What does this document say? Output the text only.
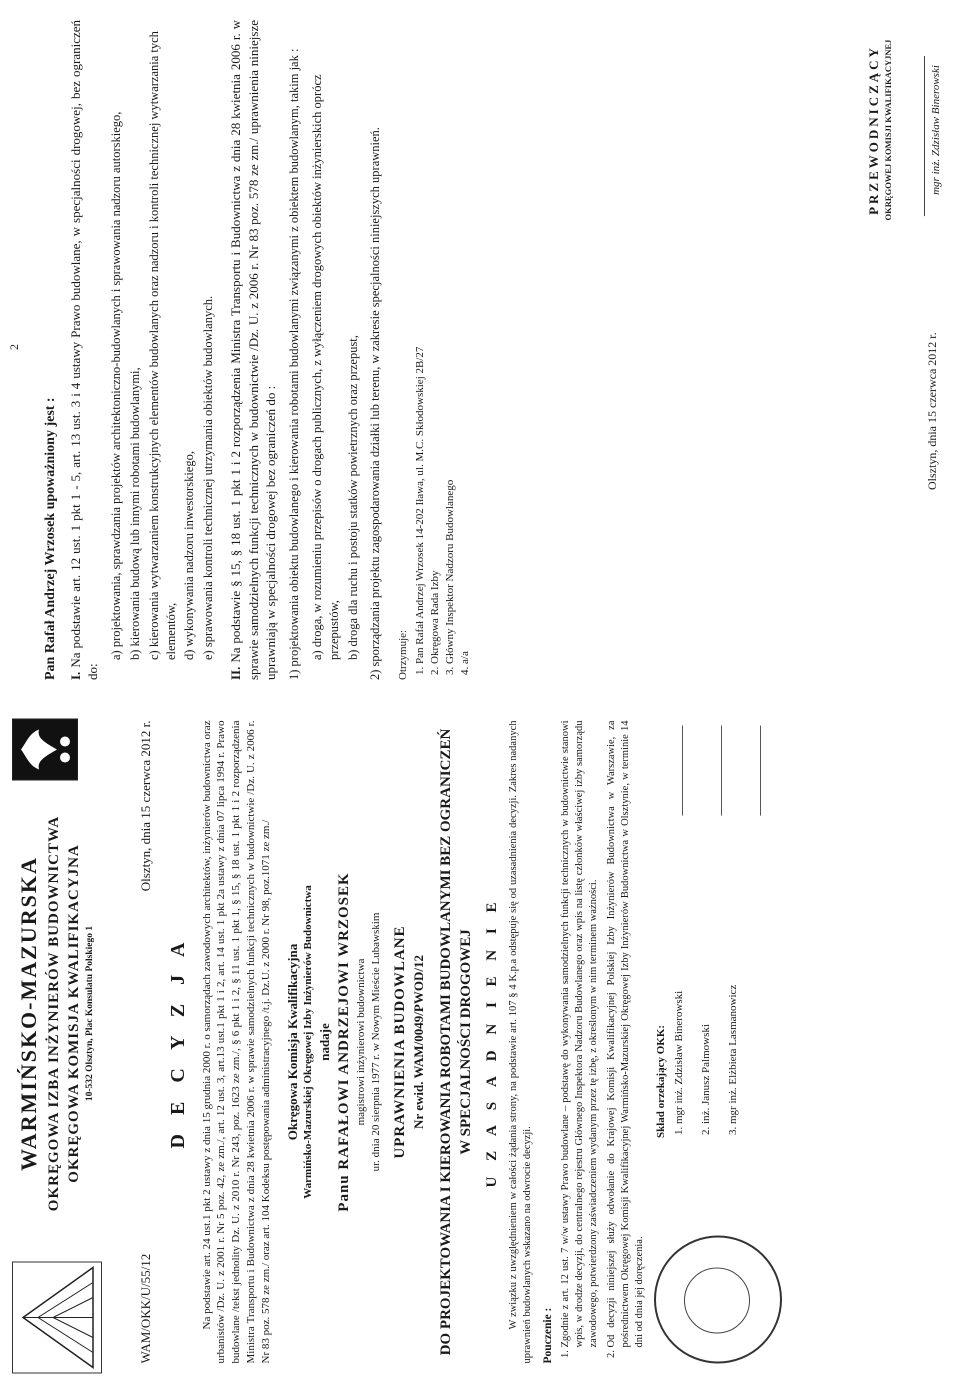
2
Pan Rafał Andrzej Wrzosek upoważniony jest : I. Na podstawie art. 12 ust. 1 pkt 1 - 5, art. 13 ust. 3 i 4 ustawy Prawo budowlane, w specjalności drogowej, bez ograniczeń do:
a) projektowania, sprawdzania projektów architektoniczno-budowlanych i sprawowania nadzoru autorskiego, b) kierowania budową lub innymi robotami budowlanymi, c) kierowania wytwarzaniem konstrukcyjnych elementów budowlanych oraz nadzoru i kontroli technicznej wytwarzania tych elementów, d) wykonywania nadzoru inwestorskiego, e) sprawowania kontroli technicznej utrzymania obiektów budowlanych.
II. Na podstawie § 15, § 18 ust. 1 pkt 1 i 2 rozporządzenia Ministra Transportu i Budownictwa z dnia 28 kwietnia 2006 r. w sprawie samodzielnych funkcji technicznych w budownictwie /Dz. U. z 2006 r. Nr 83 poz. 578 ze zm./ uprawnienia niniejsze uprawniają w specjalności drogowej bez ograniczeń do : 1) projektowania obiektu budowlanego i kierowania robotami budowlanymi związanymi z obiektem budowlanym, takim jak : a) droga, w rozumieniu przepisów o drogach publicznych, z wyłączeniem drogowych obiektów inżynierskich oprócz przepustów, b) droga dla ruchu i postoju statków powietrznych oraz przepust, 2) sporządzania projektu zagospodarowania działki lub terenu, w zakresie specjalności niniejszych uprawnień. Otrzymuje: 1. Pan Rafał Andrzej Wrzosek 14-202 Iława, ul. M.C. Skłodowskiej 2B/27 2. Okręgowa Rada Izby 3. Główny Inspektor Nadzoru Budowlanego 4. a/a
Olsztyn, dnia 15 czerwca 2012 r.
PRZEWODNICZĄCY OKRĘGOWEJ KOMISJI KWALIFIKACYJNEJ	mgr inż. Zdzisław Binerowski
WARMIŃSKO-MAZURSKA OKRĘGOWA IZBA INŻYNIERÓW BUDOWNICTWA OKRĘGOWA KOMISJA KWALIFIKACYJNA 10-532 Olsztyn, Plac Konsulatu Polskiego 1
WAM/OKK/U/55/12
Olsztyn, dnia 15 czerwca 2012 r.
D E C Y Z J A Na podstawie art. 24 ust.1 pkt 2 ustawy z dnia 15 grudnia 2000 r. o samorządach zawodowych architektów, inżynierów budownictwa oraz urbanistów /Dz. U. z 2001 r. Nr 5 poz. 42, ze zm./, art. 12 ust. 3, art.13 ust.1 pkt 1 i 2, art. 14 ust. 1 pkt 2a ustawy z dnia 07 lipca 1994 r. Prawo budowlane /tekst jednolity Dz. U. z 2010 r. Nr 243, poz. 1623 ze zm./, § 6 pkt 1 i 2, § 11 ust. 1 pkt 1, § 15, § 18 ust. 1 pkt 1 i 2 rozporządzenia Ministra Transportu i Budownictwa z dnia 28 kwietnia 2006 r. w sprawie samodzielnych funkcji technicznych w budownictwie /Dz. U. z 2006 r. Nr 83 poz. 578 ze zm./ oraz art. 104 Kodeksu postępowania administracyjnego /t.j. Dz.U. z 2000 r. Nr 98, poz.1071 ze zm./ Okręgowa Komisja Kwalifikacyjna Warmińsko-Mazurskiej Okręgowej Izby Inżynierów Budownictwa nadaje Panu RAFAŁOWI ANDRZEJOWI WRZOSEK magistrowi inżynierowi budownictwa ur. dnia 20 sierpnia 1977 r. w Nowym Mieście Lubawskim UPRAWNIENIA BUDOWLANE Nr ewid. WAM/0049/PWOD/12 DO PROJEKTOWANIA I KIEROWANIA ROBOTAMI BUDOWLANYMI BEZ OGRANICZEŃ W SPECJALNOŚCI DROGOWEJ U Z A S A D N I E N I E W związku z uwzględnieniem w całości żądania strony, na podstawie art. 107 § 4 K.p.a odstępuje się od uzasadnienia decyzji. Zakres nadanych uprawnień budowlanych wskazano na odwrocie decyzji. Pouczenie : 1. Zgodnie z art. 12 ust. 7 w/w ustawy Prawo budowlane – podstawę do wykonywania samodzielnych funkcji technicznych w budownictwie stanowi wpis, w drodze decyzji, do centralnego rejestru Głównego Inspektora Nadzoru Budowlanego oraz wpis na listę członków właściwej izby samorządu zawodowego, potwierdzony zaświadczeniem wydanym przez tę izbę, z określonym w nim terminem ważności. 2. Od decyzji niniejszej służy odwołanie do Krajowej Komisji Kwalifikacyjnej Polskiej Izby Inżynierów Budownictwa w Warszawie, za pośrednictwem Okręgowej Komisji Kwalifikacyjnej Warmińsko-Mazurskiej Okręgowej Izby Inżynierów Budownictwa w Olsztynie, w terminie 14 dni od dnia jej doręczenia.
Skład orzekający OKK: 1. mgr inż. Zdzisław Binerowski 2. inż. Janusz Palmowski 3. mgr inż. Elżbieta Lasmanowicz
